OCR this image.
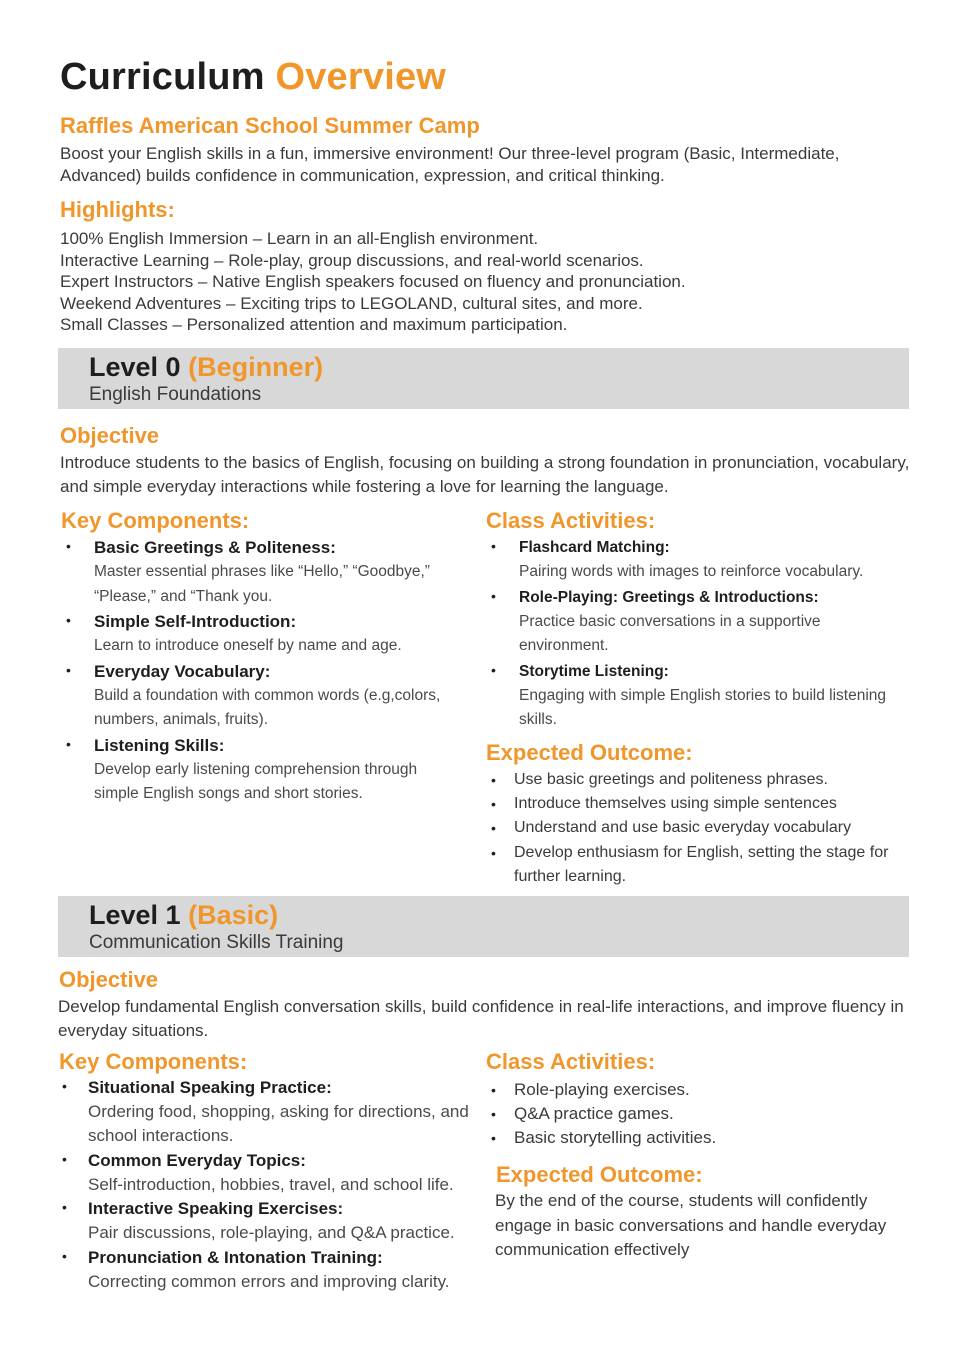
Curriculum Overview
Raffles American School Summer Camp
Boost your English skills in a fun, immersive environment! Our three-level program (Basic, Intermediate, Advanced) builds confidence in communication, expression, and critical thinking.
Highlights:
100% English Immersion – Learn in an all-English environment.
Interactive Learning – Role-play, group discussions, and real-world scenarios.
Expert Instructors – Native English speakers focused on fluency and pronunciation.
Weekend Adventures – Exciting trips to LEGOLAND, cultural sites, and more.
Small Classes – Personalized attention and maximum participation.
Level 0 (Beginner)
English Foundations
Objective
Introduce students to the basics of English, focusing on building a strong foundation in pronunciation, vocabulary, and simple everyday interactions while fostering a love for learning the language.
Key Components:
• Basic Greetings & Politeness:
Master essential phrases like “Hello,” “Goodbye,” “Please,” and “Thank you.
• Simple Self-Introduction:
Learn to introduce oneself by name and age.
• Everyday Vocabulary:
Build a foundation with common words (e.g,colors, numbers, animals, fruits).
• Listening Skills:
Develop early listening comprehension through simple English songs and short stories.
Class Activities:
• Flashcard Matching:
Pairing words with images to reinforce vocabulary.
• Role-Playing: Greetings & Introductions:
Practice basic conversations in a supportive environment.
• Storytime Listening:
Engaging with simple English stories to build listening skills.
Expected Outcome:
• Use basic greetings and politeness phrases.
• Introduce themselves using simple sentences
• Understand and use basic everyday vocabulary
• Develop enthusiasm for English, setting the stage for further learning.
Level 1 (Basic)
Communication Skills Training
Objective
Develop fundamental English conversation skills, build confidence in real-life interactions, and improve fluency in everyday situations.
Key Components:
• Situational Speaking Practice:
Ordering food, shopping, asking for directions, and school interactions.
• Common Everyday Topics:
Self-introduction, hobbies, travel, and school life.
• Interactive Speaking Exercises:
Pair discussions, role-playing, and Q&A practice.
• Pronunciation & Intonation Training:
Correcting common errors and improving clarity.
Class Activities:
• Role-playing exercises.
• Q&A practice games.
• Basic storytelling activities.
Expected Outcome:
By the end of the course, students will confidently engage in basic conversations and handle everyday communication effectively
